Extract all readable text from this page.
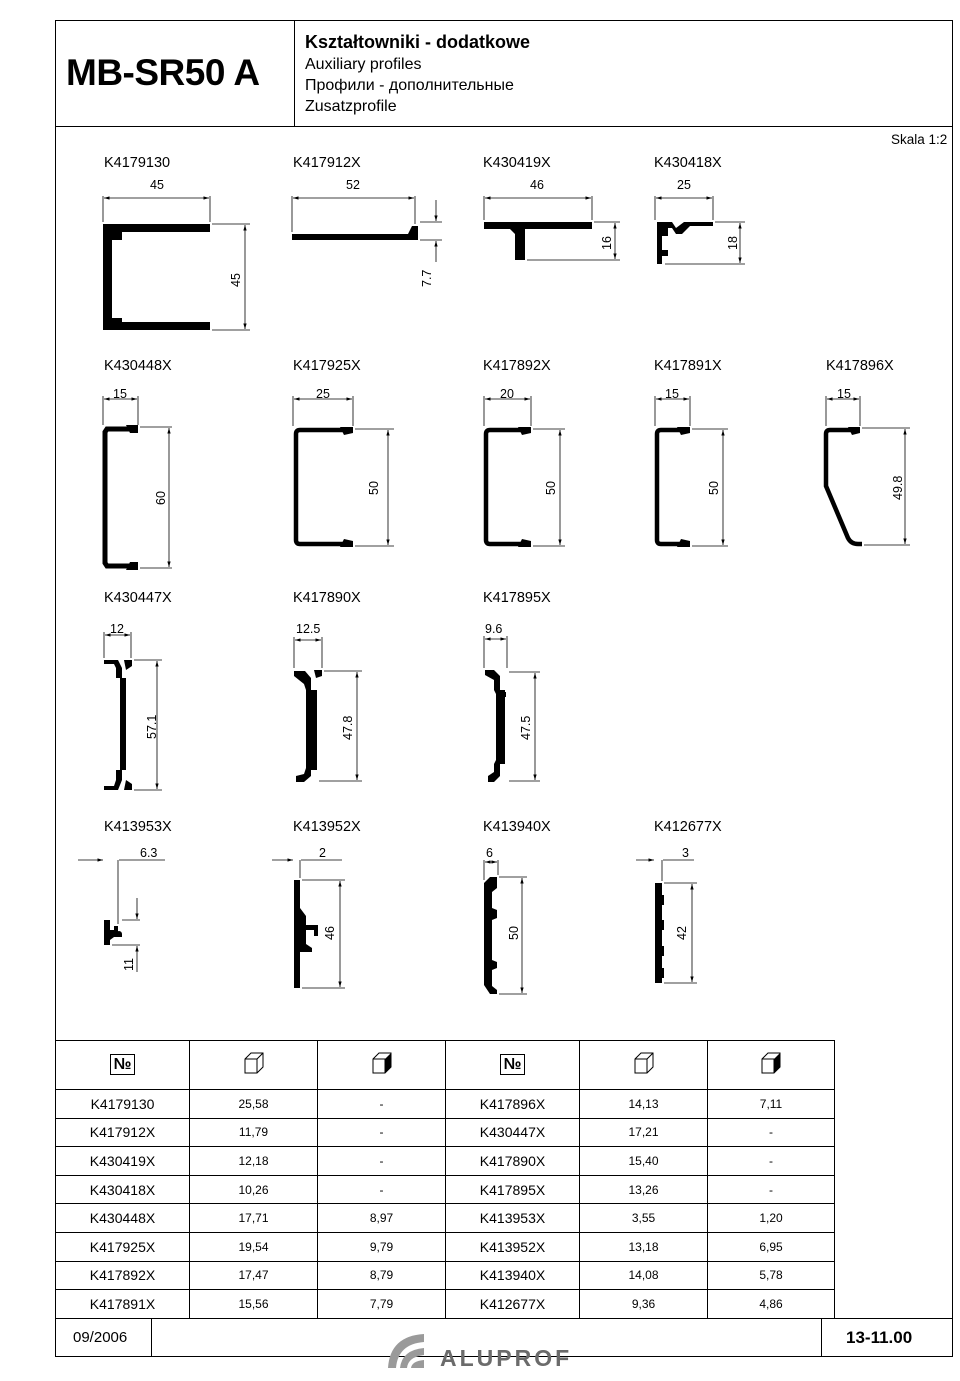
MB-SR50 A
Kształtowniki - dodatkowe
Auxiliary profiles
Профили - дополнительные
Zusatzprofile
Skala 1:2
K4179130	K417912X	K430419X	K430418X
K430448X	K417925X	K417892X	K417891X	K417896X
K430447X	K417890X	K417895X
K413953X	K413952X	K413940X	K412677X
45	52	46	25
15	25	20	15	15
12	12.5	9.6
6.3	2	6	3
45	7.7
16	18
60
50	50	50	49.8
57.1	47.8	47.5
11
46	50	42
№			№		
K4179130	25,58	-	K417896X	14,13	7,11
K417912X	11,79	-	K430447X	17,21	-
K430419X	12,18	-	K417890X	15,40	-
K430418X	10,26	-	K417895X	13,26	-
K430448X	17,71	8,97	K413953X	3,55	1,20
K417925X	19,54	9,79	K413952X	13,18	6,95
K417892X	17,47	8,79	K413940X	14,08	5,78
K417891X	15,56	7,79	K412677X	9,36	4,86
09/2006	13-11.00
ALUPROF
